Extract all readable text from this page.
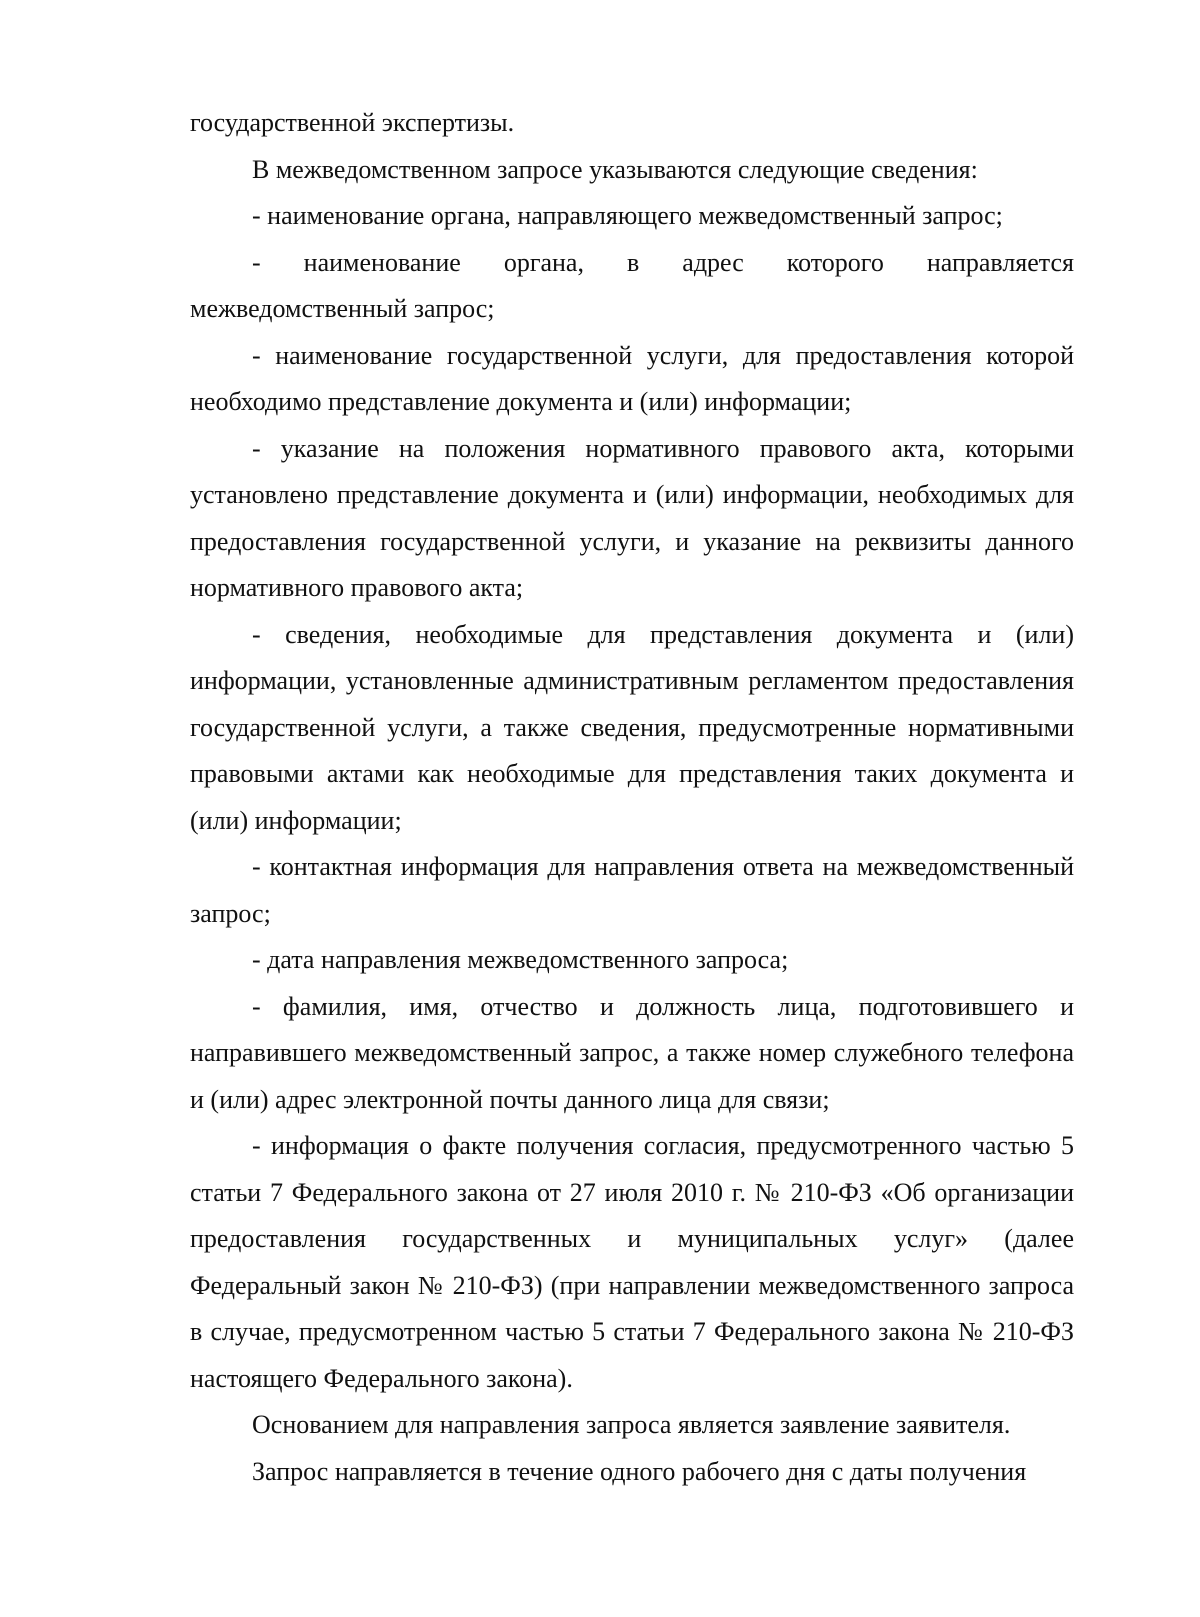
государственной экспертизы.

В межведомственном запросе указываются следующие сведения:

- наименование органа, направляющего межведомственный запрос;

- наименование органа, в адрес которого направляется межведомственный запрос;

- наименование государственной услуги, для предоставления которой необходимо представление документа и (или) информации;

- указание на положения нормативного правового акта, которыми установлено представление документа и (или) информации, необходимых для предоставления государственной услуги, и указание на реквизиты данного нормативного правового акта;

- сведения, необходимые для представления документа и (или) информации, установленные административным регламентом предоставления государственной услуги, а также сведения, предусмотренные нормативными правовыми актами как необходимые для представления таких документа и (или) информации;

- контактная информация для направления ответа на межведомственный запрос;

- дата направления межведомственного запроса;

- фамилия, имя, отчество и должность лица, подготовившего и направившего межведомственный запрос, а также номер служебного телефона и (или) адрес электронной почты данного лица для связи;

- информация о факте получения согласия, предусмотренного частью 5 статьи 7 Федерального закона от 27 июля 2010 г. № 210-ФЗ «Об организации предоставления государственных и муниципальных услуг» (далее Федеральный закон № 210-ФЗ) (при направлении межведомственного запроса в случае, предусмотренном частью 5 статьи 7 Федерального закона № 210-ФЗ настоящего Федерального закона).

Основанием для направления запроса является заявление заявителя.

Запрос направляется в течение одного рабочего дня с даты получения
